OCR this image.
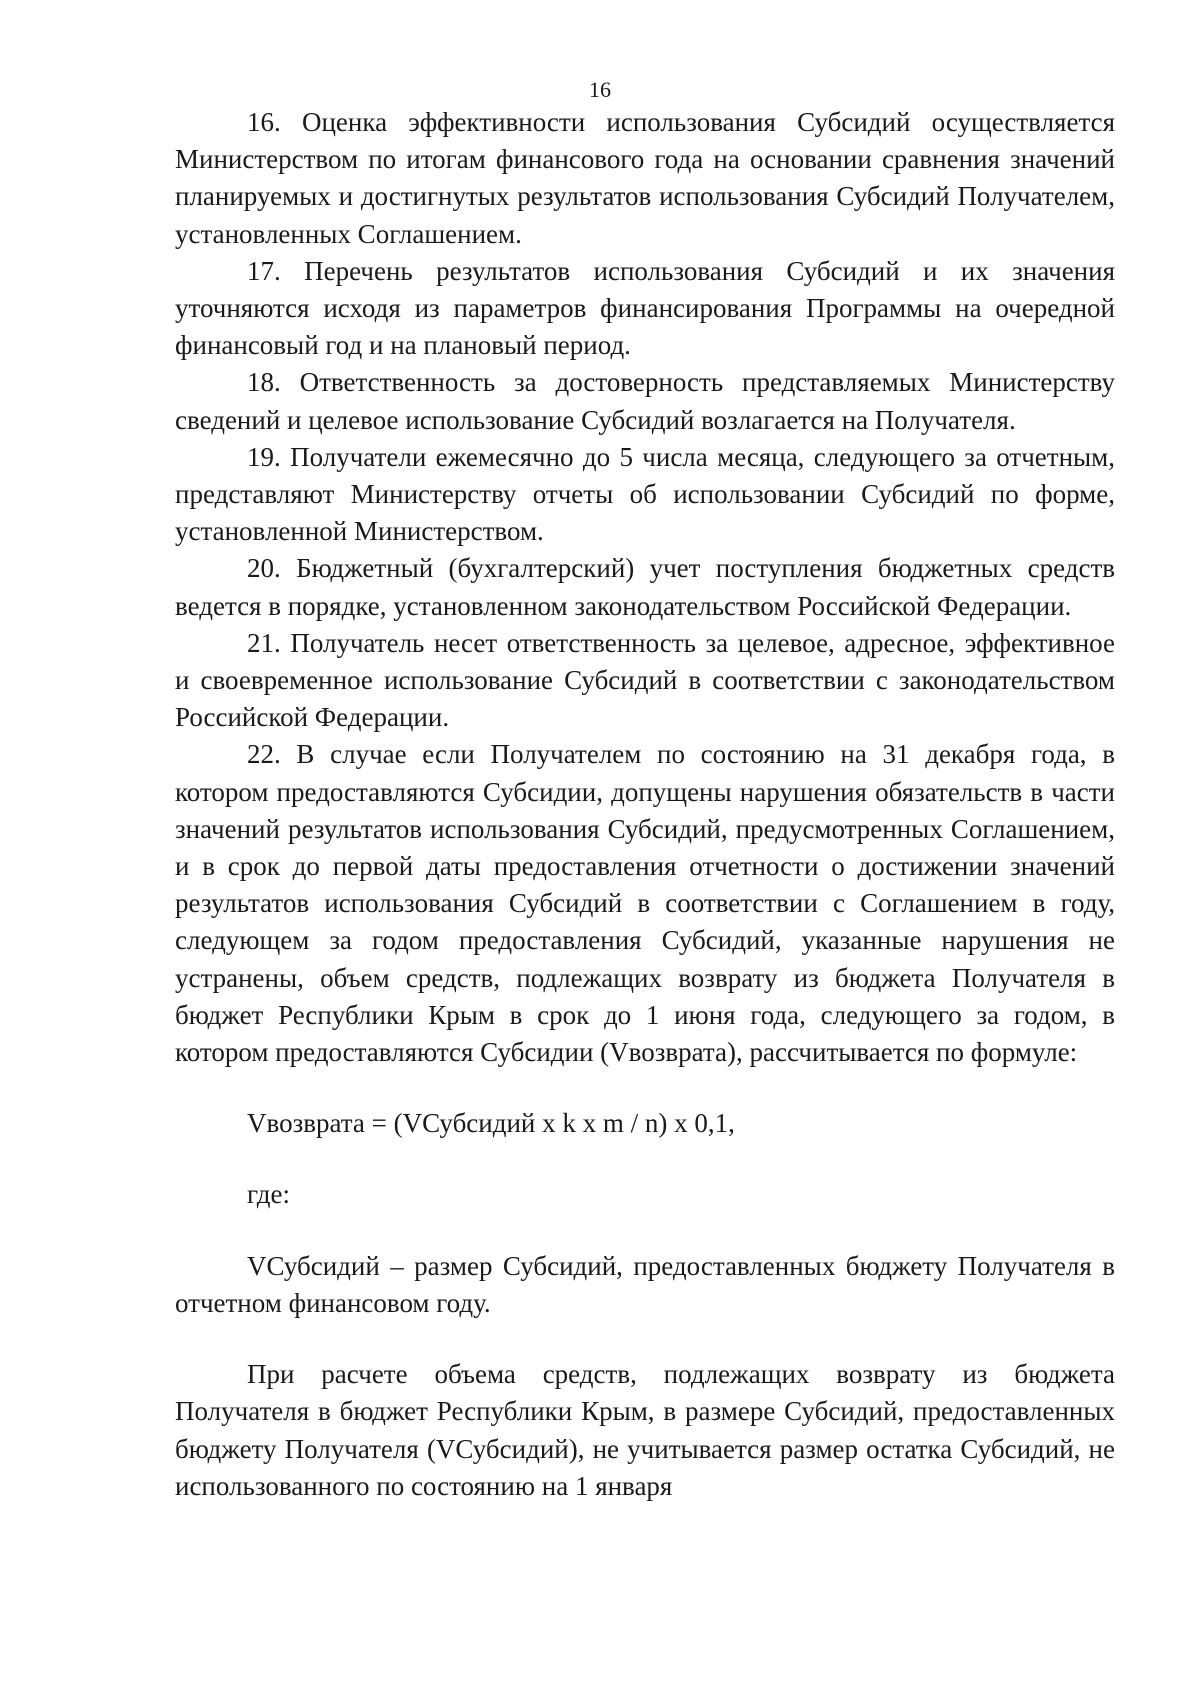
16

16. Оценка эффективности использования Субсидий осуществляется Министерством по итогам финансового года на основании сравнения значений планируемых и достигнутых результатов использования Субсидий Получателем, установленных Соглашением.

17. Перечень результатов использования Субсидий и их значения уточняются исходя из параметров финансирования Программы на очередной финансовый год и на плановый период.

18. Ответственность за достоверность представляемых Министерству сведений и целевое использование Субсидий возлагается на Получателя.

19. Получатели ежемесячно до 5 числа месяца, следующего за отчетным, представляют Министерству отчеты об использовании Субсидий по форме, установленной Министерством.

20. Бюджетный (бухгалтерский) учет поступления бюджетных средств ведется в порядке, установленном законодательством Российской Федерации.

21. Получатель несет ответственность за целевое, адресное, эффективное и своевременное использование Субсидий в соответствии с законодательством Российской Федерации.

22. В случае если Получателем по состоянию на 31 декабря года, в котором предоставляются Субсидии, допущены нарушения обязательств в части значений результатов использования Субсидий, предусмотренных Соглашением, и в срок до первой даты предоставления отчетности о достижении значений результатов использования Субсидий в соответствии с Соглашением в году, следующем за годом предоставления Субсидий, указанные нарушения не устранены, объем средств, подлежащих возврату из бюджета Получателя в бюджет Республики Крым в срок до 1 июня года, следующего за годом, в котором предоставляются Субсидии (Vвозврата), рассчитывается по формуле:

Vвозврата = (VСубсидий x k x m / n) x 0,1,

где:

VСубсидий – размер Субсидий, предоставленных бюджету Получателя в отчетном финансовом году.

При расчете объема средств, подлежащих возврату из бюджета Получателя в бюджет Республики Крым, в размере Субсидий, предоставленных бюджету Получателя (VСубсидий), не учитывается размер остатка Субсидий, не использованного по состоянию на 1 января
